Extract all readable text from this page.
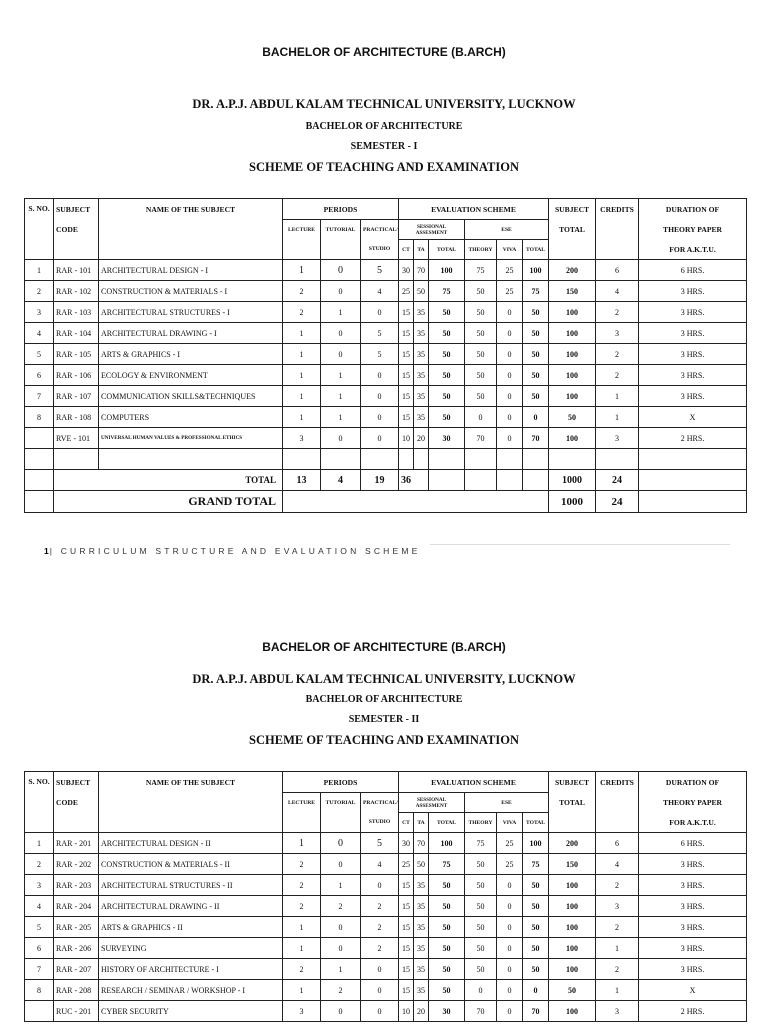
BACHELOR OF ARCHITECTURE (B.ARCH)
DR. A.P.J. ABDUL KALAM TECHNICAL UNIVERSITY, LUCKNOW
BACHELOR OF ARCHITECTURE
SEMESTER - I
SCHEME OF TEACHING AND EXAMINATION
S. NO.	SUBJECT	NAME OF THE SUBJECT	PERIODS			EVALUATION SCHEME						SUBJECT	CREDITS	DURATION OF
	CODE		LECTURE	TUTORIAL	PRACTICAL/	SESSIONAL ASSESMENT			ESE			TOTAL		THEORY PAPER
					STUDIO	CT	TA	TOTAL	THEORY	VIVA	TOTAL			FOR A.K.T.U.
1	RAR - 101	ARCHITECTURAL DESIGN - I	1	0	5	30	70	100	75	25	100	200	6	6 HRS.
2	RAR - 102	CONSTRUCTION & MATERIALS - I	2	0	4	25	50	75	50	25	75	150	4	3 HRS.
3	RAR - 103	ARCHITECTURAL STRUCTURES - I	2	1	0	15	35	50	50	0	50	100	2	3 HRS.
4	RAR - 104	ARCHITECTURAL DRAWING - I	1	0	5	15	35	50	50	0	50	100	3	3 HRS.
5	RAR - 105	ARTS & GRAPHICS - I	1	0	5	15	35	50	50	0	50	100	2	3 HRS.
6	RAR - 106	ECOLOGY & ENVIRONMENT	1	1	0	15	35	50	50	0	50	100	2	3 HRS.
7	RAR - 107	COMMUNICATION SKILLS&TECHNIQUES	1	1	0	15	35	50	50	0	50	100	1	3 HRS.
8	RAR - 108	COMPUTERS	1	1	0	15	35	50	0	0	0	50	1	X
	RVE - 101	UNIVERSAL HUMAN VALUES & PROFESSIONAL ETHICS	3	0	0	10	20	30	70	0	70	100	3	2 HRS.

	TOTAL		13	4	19	36						1000	24	
	GRAND TOTAL											1000	24	
1| CURRICULUM STRUCTURE AND EVALUATION SCHEME
BACHELOR OF ARCHITECTURE (B.ARCH)
DR. A.P.J. ABDUL KALAM TECHNICAL UNIVERSITY, LUCKNOW
BACHELOR OF ARCHITECTURE
SEMESTER - II
SCHEME OF TEACHING AND EXAMINATION
S. NO.	SUBJECT	NAME OF THE SUBJECT	PERIODS			EVALUATION SCHEME						SUBJECT	CREDITS	DURATION OF
	CODE		LECTURE	TUTORIAL	PRACTICAL/	SESSIONAL ASSESMENT			ESE			TOTAL		THEORY PAPER
					STUDIO	CT	TA	TOTAL	THEORY	VIVA	TOTAL			FOR A.K.T.U.
1	RAR - 201	ARCHITECTURAL DESIGN - II	1	0	5	30	70	100	75	25	100	200	6	6 HRS.
2	RAR - 202	CONSTRUCTION & MATERIALS - II	2	0	4	25	50	75	50	25	75	150	4	3 HRS.
3	RAR - 203	ARCHITECTURAL STRUCTURES - II	2	1	0	15	35	50	50	0	50	100	2	3 HRS.
4	RAR - 204	ARCHITECTURAL DRAWING - II	2	2	2	15	35	50	50	0	50	100	3	3 HRS.
5	RAR - 205	ARTS & GRAPHICS - II	1	0	2	15	35	50	50	0	50	100	2	3 HRS.
6	RAR - 206	SURVEYING	1	0	2	15	35	50	50	0	50	100	1	3 HRS.
7	RAR - 207	HISTORY OF ARCHITECTURE - I	2	1	0	15	35	50	50	0	50	100	2	3 HRS.
8	RAR - 208	RESEARCH / SEMINAR / WORKSHOP - I	1	2	0	15	35	50	0	0	0	50	1	X
	RUC - 201	CYBER SECURITY	3	0	0	10	20	30	70	0	70	100	3	2 HRS.
